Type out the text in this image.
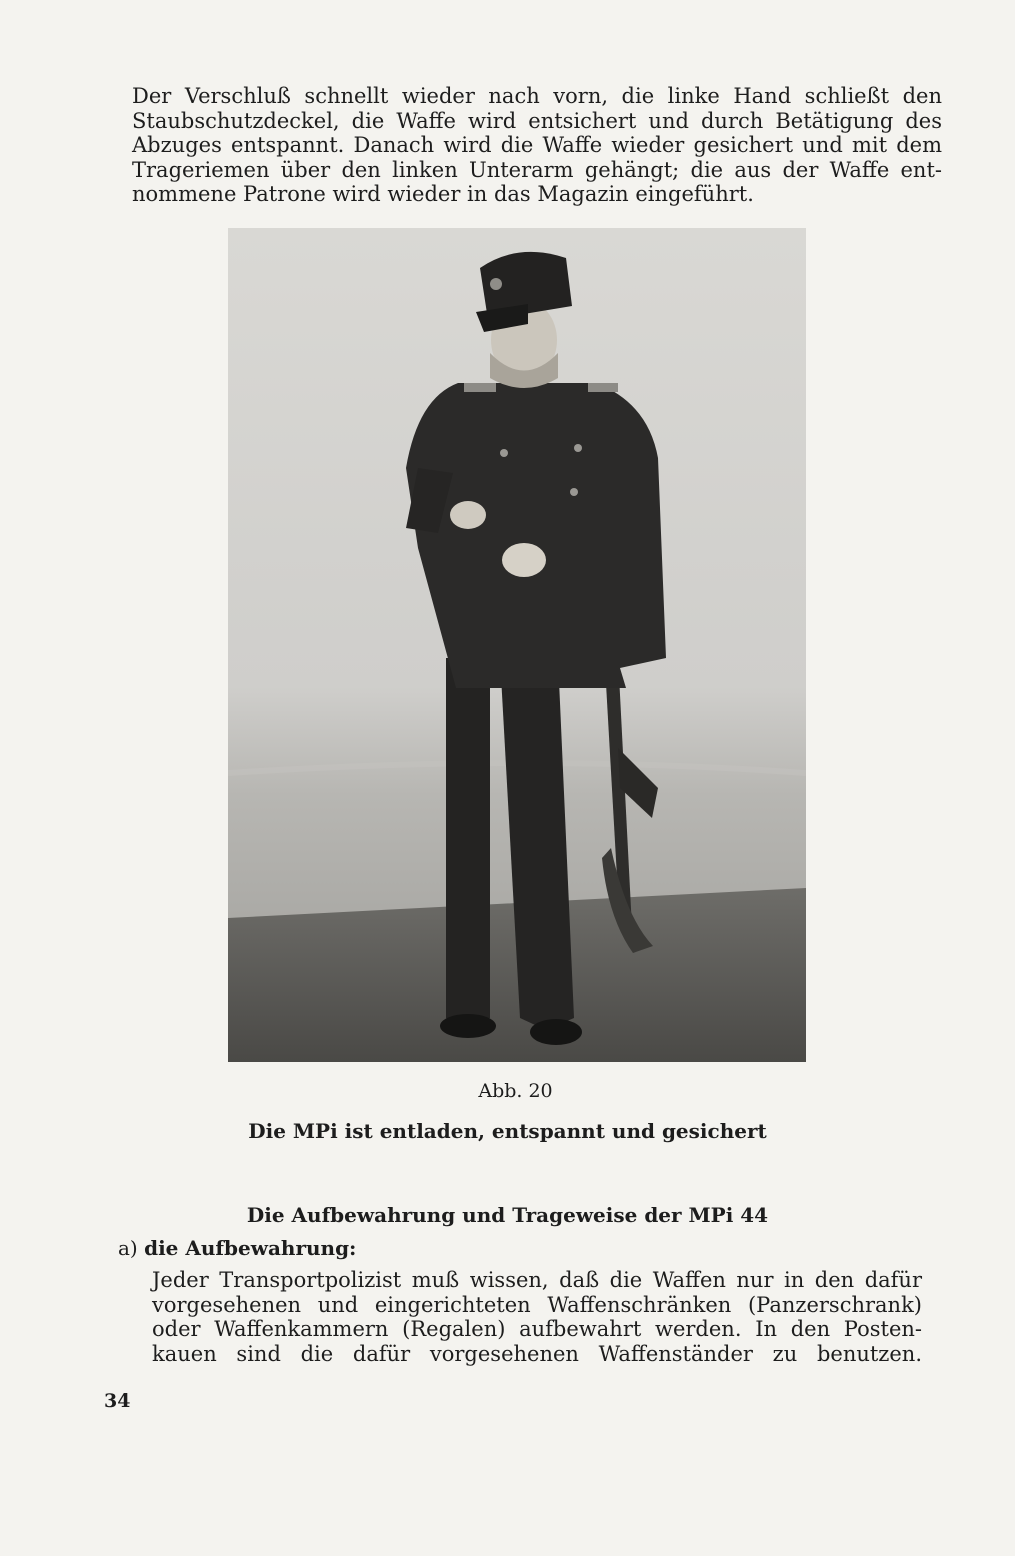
Der Verschluß schnellt wieder nach vorn, die linke Hand schließt den
Staubschutzdeckel, die Waffe wird entsichert und durch Betätigung des
Abzuges entspannt. Danach wird die Waffe wieder gesichert und mit dem
Trageriemen über den linken Unterarm gehängt; die aus der Waffe ent-
nommene Patrone wird wieder in das Magazin eingeführt.
Abb. 20
Die MPi ist entladen, entspannt und gesichert
Die Aufbewahrung und Trageweise der MPi 44
a) die Aufbewahrung:
Jeder Transportpolizist muß wissen, daß die Waffen nur in den dafür
vorgesehenen und eingerichteten Waffenschränken (Panzerschrank)
oder Waffenkammern (Regalen) aufbewahrt werden. In den Posten-
kauen sind die dafür vorgesehenen Waffenständer zu benutzen.
34
